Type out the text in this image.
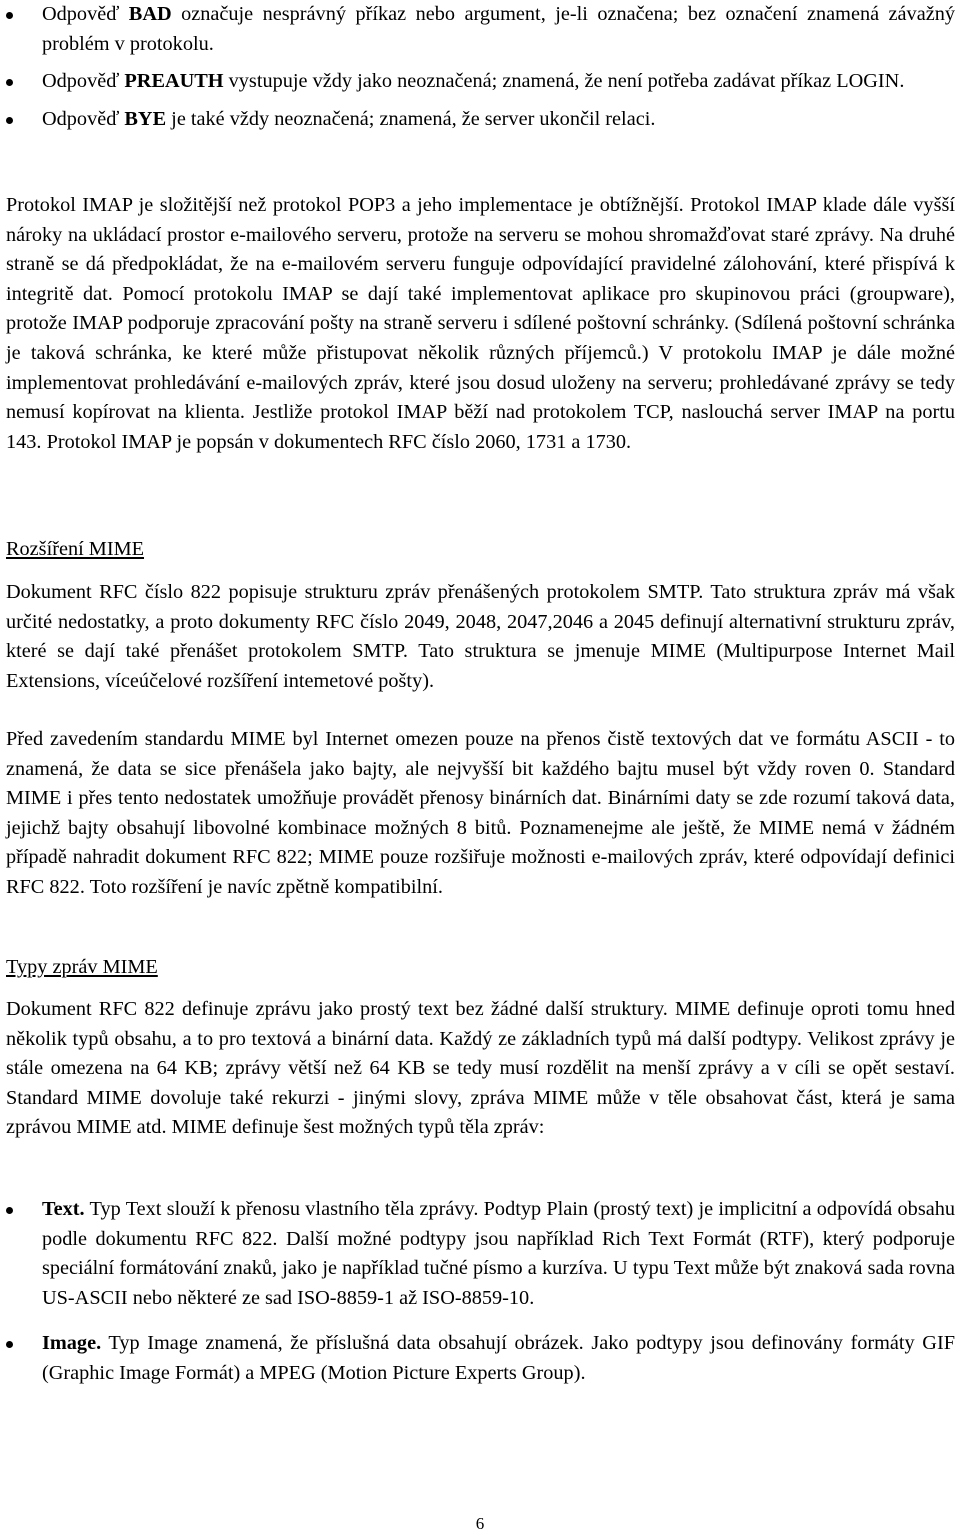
Odpověď BAD označuje nesprávný příkaz nebo argument, je-li označena; bez označení znamená závažný problém v protokolu.
Odpověď PREAUTH vystupuje vždy jako neoznačená; znamená, že není potřeba zadávat příkaz LOGIN.
Odpověď BYE je také vždy neoznačená; znamená, že server ukončil relaci.

Protokol IMAP je složitější než protokol POP3 a jeho implementace je obtížnější. Protokol IMAP klade dále vyšší nároky na ukládací prostor e-mailového serveru, protože na serveru se mohou shromažďovat staré zprávy. Na druhé straně se dá předpokládat, že na e-mailovém serveru funguje odpovídající pravidelné zálohování, které přispívá k integritě dat. Pomocí protokolu IMAP se dají také implementovat aplikace pro skupinovou práci (groupware), protože IMAP podporuje zpracování pošty na straně serveru i sdílené poštovní schránky. (Sdílená poštovní schránka je taková schránka, ke které může přistupovat několik různých příjemců.) V protokolu IMAP je dále možné implementovat prohledávání e-mailových zpráv, které jsou dosud uloženy na serveru; prohledávané zprávy se tedy nemusí kopírovat na klienta. Jestliže protokol IMAP běží nad protokolem TCP, naslouchá server IMAP na portu 143. Protokol IMAP je popsán v dokumentech RFC číslo 2060, 1731 a 1730.

Rozšíření MIME

Dokument RFC číslo 822 popisuje strukturu zpráv přenášených protokolem SMTP. Tato struktura zpráv má však určité nedostatky, a proto dokumenty RFC číslo 2049, 2048, 2047,2046 a 2045 definují alternativní strukturu zpráv, které se dají také přenášet protokolem SMTP. Tato struktura se jmenuje MIME (Multipurpose Internet Mail Extensions, víceúčelové rozšíření intemetové pošty).

Před zavedením standardu MIME byl Internet omezen pouze na přenos čistě textových dat ve formátu ASCII - to znamená, že data se sice přenášela jako bajty, ale nejvyšší bit každého bajtu musel být vždy roven 0. Standard MIME i přes tento nedostatek umožňuje provádět přenosy binárních dat. Binárními daty se zde rozumí taková data, jejichž bajty obsahují libovolné kombinace možných 8 bitů. Poznamenejme ale ještě, že MIME nemá v žádném případě nahradit dokument RFC 822; MIME pouze rozšiřuje možnosti e-mailových zpráv, které odpovídají definici RFC 822. Toto rozšíření je navíc zpětně kompatibilní.

Typy zpráv MIME

Dokument RFC 822 definuje zprávu jako prostý text bez žádné další struktury. MIME definuje oproti tomu hned několik typů obsahu, a to pro textová a binární data. Každý ze základních typů má další podtypy. Velikost zprávy je stále omezena na 64 KB; zprávy větší než 64 KB se tedy musí rozdělit na menší zprávy a v cíli se opět sestaví. Standard MIME dovoluje také rekurzi - jinými slovy, zpráva MIME může v těle obsahovat část, která je sama zprávou MIME atd. MIME definuje šest možných typů těla zpráv:

Text. Typ Text slouží k přenosu vlastního těla zprávy. Podtyp Plain (prostý text) je implicitní a odpovídá obsahu podle dokumentu RFC 822. Další možné podtypy jsou například Rich Text Formát (RTF), který podporuje speciální formátování znaků, jako je například tučné písmo a kurzíva. U typu Text může být znaková sada rovna US-ASCII nebo některé ze sad ISO-8859-1 až ISO-8859-10.
Image. Typ Image znamená, že příslušná data obsahují obrázek. Jako podtypy jsou definovány formáty GIF (Graphic Image Formát) a MPEG (Motion Picture Experts Group).
6
